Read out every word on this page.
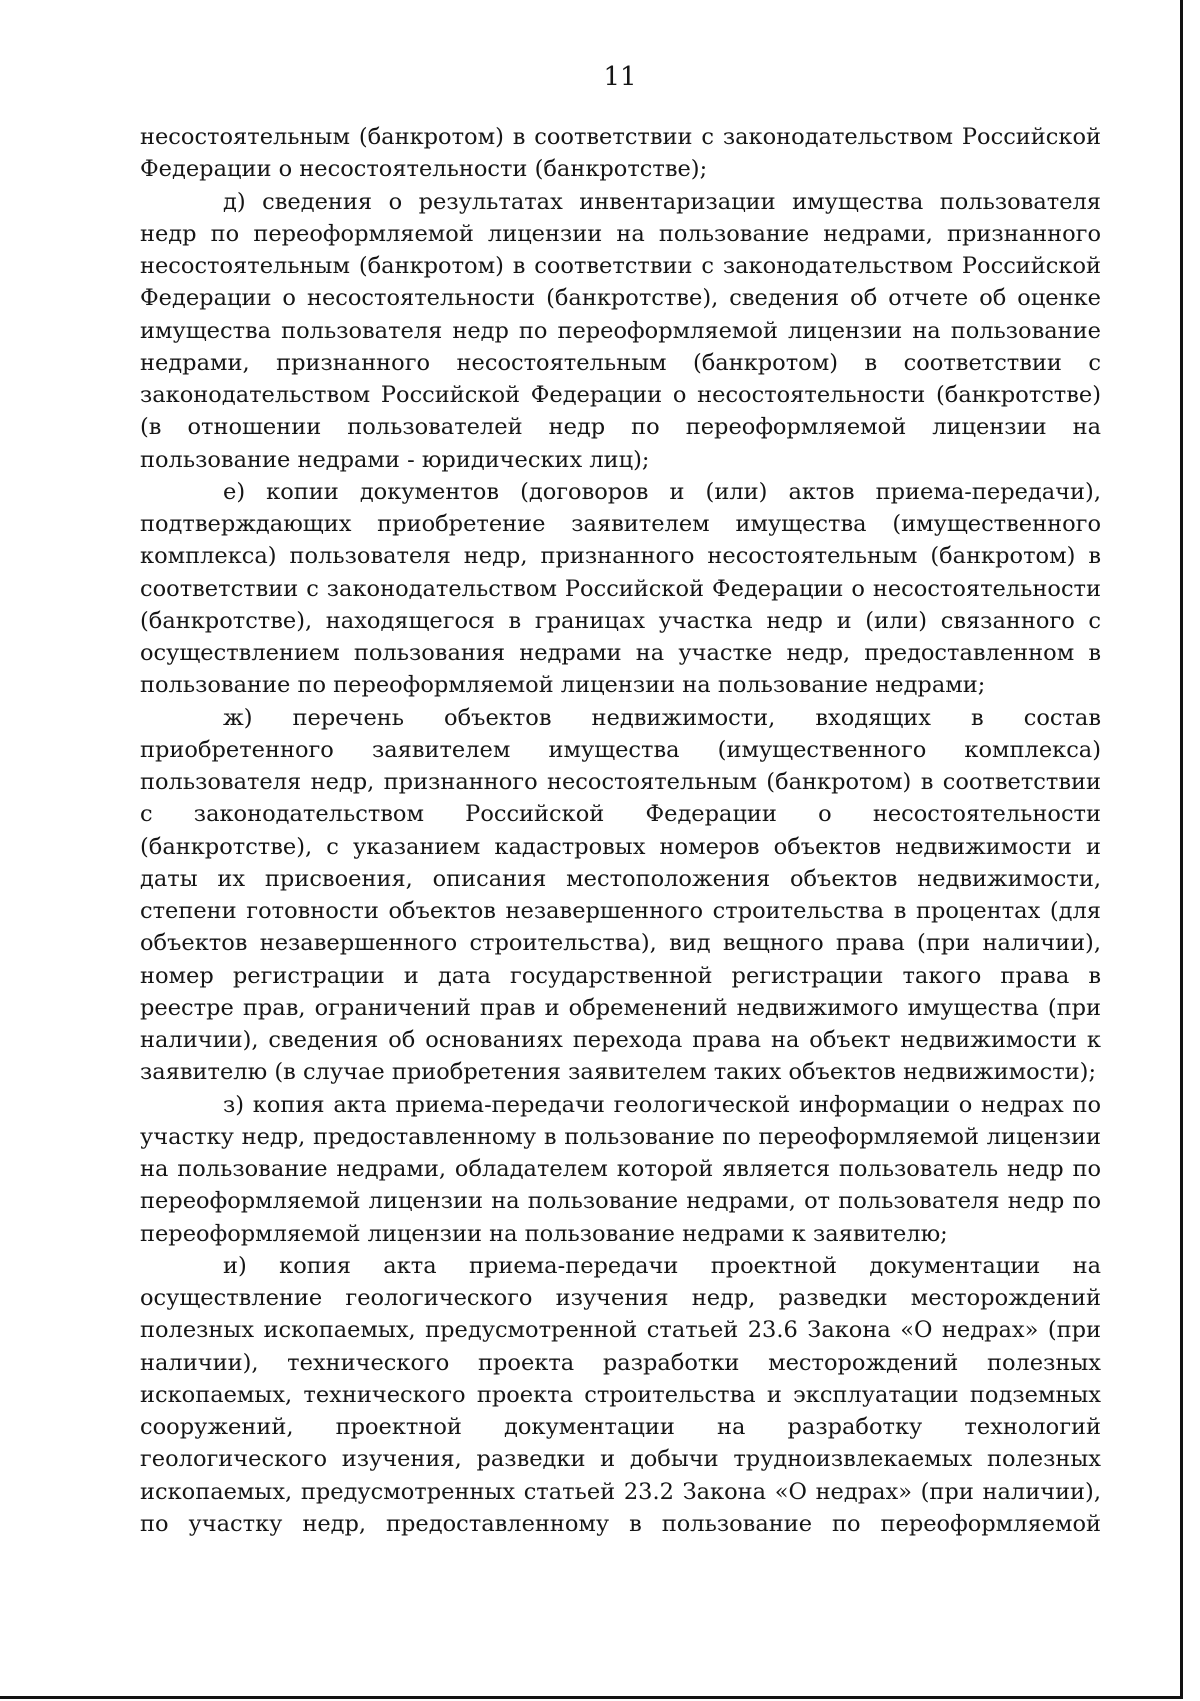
11

несостоятельным (банкротом) в соответствии с законодательством Российской Федерации о несостоятельности (банкротстве);

д) сведения о результатах инвентаризации имущества пользователя недр по переоформляемой лицензии на пользование недрами, признанного несостоятельным (банкротом) в соответствии с законодательством Российской Федерации о несостоятельности (банкротстве), сведения об отчете об оценке имущества пользователя недр по переоформляемой лицензии на пользование недрами, признанного несостоятельным (банкротом) в соответствии с законодательством Российской Федерации о несостоятельности (банкротстве) (в отношении пользователей недр по переоформляемой лицензии на пользование недрами - юридических лиц);

е) копии документов (договоров и (или) актов приема-передачи), подтверждающих приобретение заявителем имущества (имущественного комплекса) пользователя недр, признанного несостоятельным (банкротом) в соответствии с законодательством Российской Федерации о несостоятельности (банкротстве), находящегося в границах участка недр и (или) связанного с осуществлением пользования недрами на участке недр, предоставленном в пользование по переоформляемой лицензии на пользование недрами;

ж) перечень объектов недвижимости, входящих в состав приобретенного заявителем имущества (имущественного комплекса) пользователя недр, признанного несостоятельным (банкротом) в соответствии с законодательством Российской Федерации о несостоятельности (банкротстве), с указанием кадастровых номеров объектов недвижимости и даты их присвоения, описания местоположения объектов недвижимости, степени готовности объектов незавершенного строительства в процентах (для объектов незавершенного строительства), вид вещного права (при наличии), номер регистрации и дата государственной регистрации такого права в реестре прав, ограничений прав и обременений недвижимого имущества (при наличии), сведения об основаниях перехода права на объект недвижимости к заявителю (в случае приобретения заявителем таких объектов недвижимости);

з) копия акта приема-передачи геологической информации о недрах по участку недр, предоставленному в пользование по переоформляемой лицензии на пользование недрами, обладателем которой является пользователь недр по переоформляемой лицензии на пользование недрами, от пользователя недр по переоформляемой лицензии на пользование недрами к заявителю;

и) копия акта приема-передачи проектной документации на осуществление геологического изучения недр, разведки месторождений полезных ископаемых, предусмотренной статьей 23.6 Закона «О недрах» (при наличии), технического проекта разработки месторождений полезных ископаемых, технического проекта строительства и эксплуатации подземных сооружений, проектной документации на разработку технологий геологического изучения, разведки и добычи трудноизвлекаемых полезных ископаемых, предусмотренных статьей 23.2 Закона «О недрах» (при наличии), по участку недр, предоставленному в пользование по переоформляемой
